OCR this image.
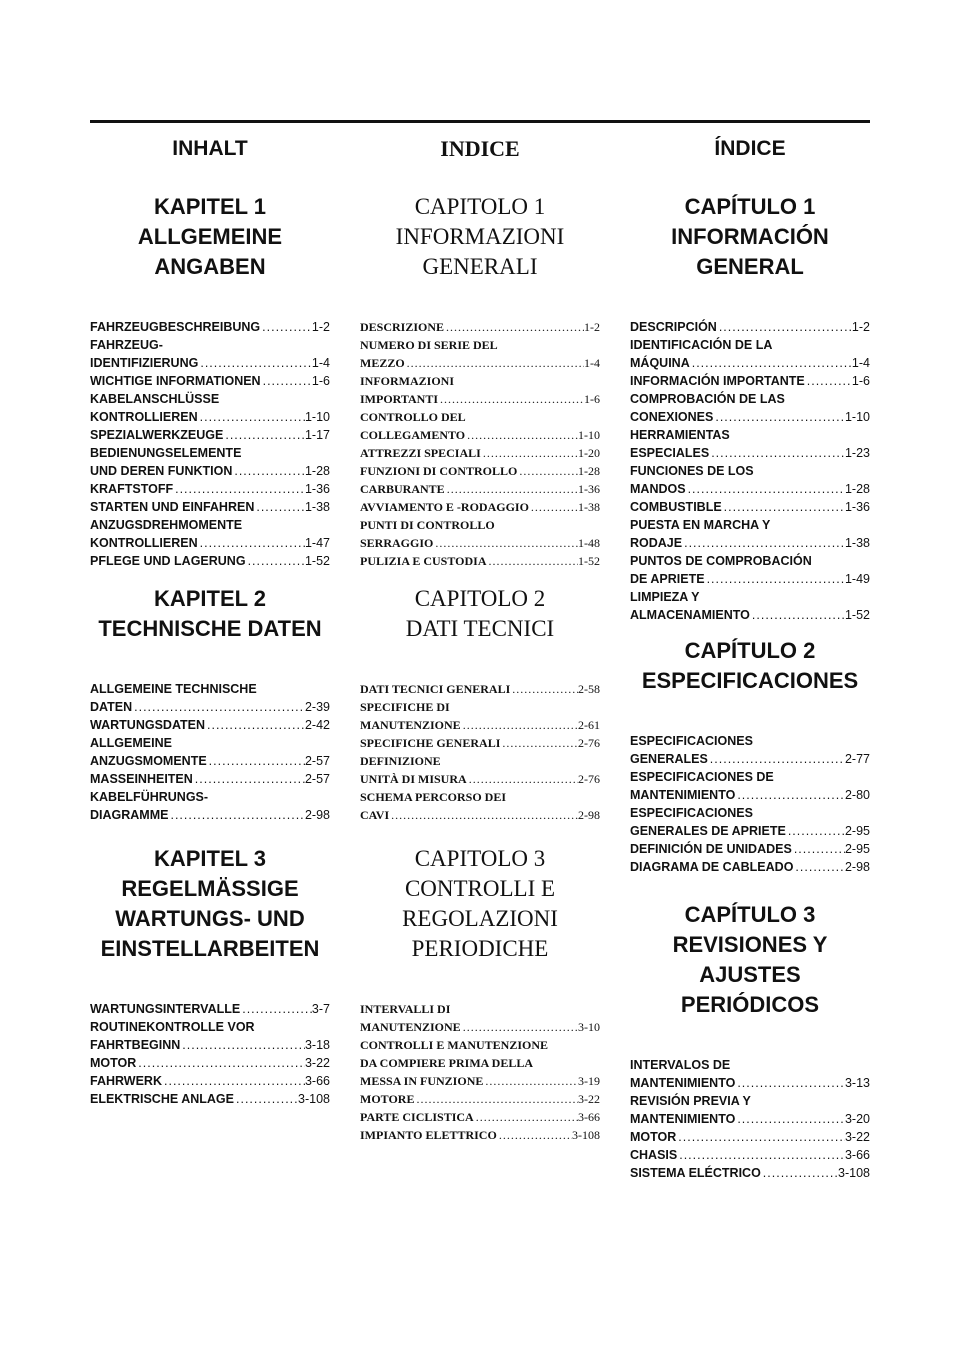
INHALT
KAPITEL 1
ALLGEMEINE
ANGABEN
FAHRZEUGBESCHREIBUNG .....	1-2
FAHRZEUG-
IDENTIFIZIERUNG .....	1-4
WICHTIGE INFORMATIONEN .....	1-6
KABELANSCHLÜSSE
KONTROLLIEREN .....	1-10
SPEZIALWERKZEUGE .....	1-17
BEDIENUNGSELEMENTE
UND DEREN FUNKTION .....	1-28
KRAFTSTOFF .....	1-36
STARTEN UND EINFAHREN .....	1-38
ANZUGSDREHMOMENTE
KONTROLLIEREN .....	1-47
PFLEGE UND LAGERUNG .....	1-52
KAPITEL 2
TECHNISCHE DATEN
ALLGEMEINE TECHNISCHE
DATEN .....	2-39
WARTUNGSDATEN .....	2-42
ALLGEMEINE
ANZUGSMOMENTE .....	2-57
MASSEINHEITEN .....	2-57
KABELFÜHRUNGS-
DIAGRAMME .....	2-98
KAPITEL 3
REGELMÄSSIGE
WARTUNGS- UND
EINSTELLARBEITEN
WARTUNGSINTERVALLE .....	3-7
ROUTINEKONTROLLE VOR
FAHRTBEGINN .....	3-18
MOTOR .....	3-22
FAHRWERK .....	3-66
ELEKTRISCHE ANLAGE .....	3-108
INDICE
CAPITOLO 1
INFORMAZIONI
GENERALI
DESCRIZIONE .....	1-2
NUMERO DI SERIE DEL
MEZZO .....	1-4
INFORMAZIONI
IMPORTANTI .....	1-6
CONTROLLO DEL
COLLEGAMENTO .....	1-10
ATTREZZI SPECIALI .....	1-20
FUNZIONI DI CONTROLLO .....	1-28
CARBURANTE .....	1-36
AVVIAMENTO E -RODAGGIO .....	1-38
PUNTI DI CONTROLLO
SERRAGGIO .....	1-48
PULIZIA E CUSTODIA .....	1-52
CAPITOLO 2
DATI TECNICI
DATI TECNICI GENERALI .....	2-58
SPECIFICHE DI
MANUTENZIONE .....	2-61
SPECIFICHE GENERALI .....	2-76
DEFINIZIONE
UNITÀ DI MISURA .....	2-76
SCHEMA PERCORSO DEI
CAVI .....	2-98
CAPITOLO 3
CONTROLLI E
REGOLAZIONI
PERIODICHE
INTERVALLI DI
MANUTENZIONE .....	3-10
CONTROLLI E MANUTENZIONE
DA COMPIERE PRIMA DELLA
MESSA IN FUNZIONE .....	3-19
MOTORE .....	3-22
PARTE CICLISTICA .....	3-66
IMPIANTO ELETTRICO .....	3-108
ÍNDICE
CAPÍTULO 1
INFORMACIÓN
GENERAL
DESCRIPCIÓN .....	1-2
IDENTIFICACIÓN DE LA
MÁQUINA .....	1-4
INFORMACIÓN IMPORTANTE .....	1-6
COMPROBACIÓN DE LAS
CONEXIONES .....	1-10
HERRAMIENTAS
ESPECIALES .....	1-23
FUNCIONES DE LOS
MANDOS .....	1-28
COMBUSTIBLE .....	1-36
PUESTA EN MARCHA Y
RODAJE .....	1-38
PUNTOS DE COMPROBACIÓN
DE APRIETE .....	1-49
LIMPIEZA Y
ALMACENAMIENTO .....	1-52
CAPÍTULO 2
ESPECIFICACIONES
ESPECIFICACIONES
GENERALES .....	2-77
ESPECIFICACIONES DE
MANTENIMIENTO .....	2-80
ESPECIFICACIONES
GENERALES DE APRIETE .....	2-95
DEFINICIÓN DE UNIDADES .....	2-95
DIAGRAMA DE CABLEADO .....	2-98
CAPÍTULO 3
REVISIONES Y
AJUSTES
PERIÓDICOS
INTERVALOS DE
MANTENIMIENTO .....	3-13
REVISIÓN PREVIA Y
MANTENIMIENTO .....	3-20
MOTOR .....	3-22
CHASIS .....	3-66
SISTEMA ELÉCTRICO .....	3-108
